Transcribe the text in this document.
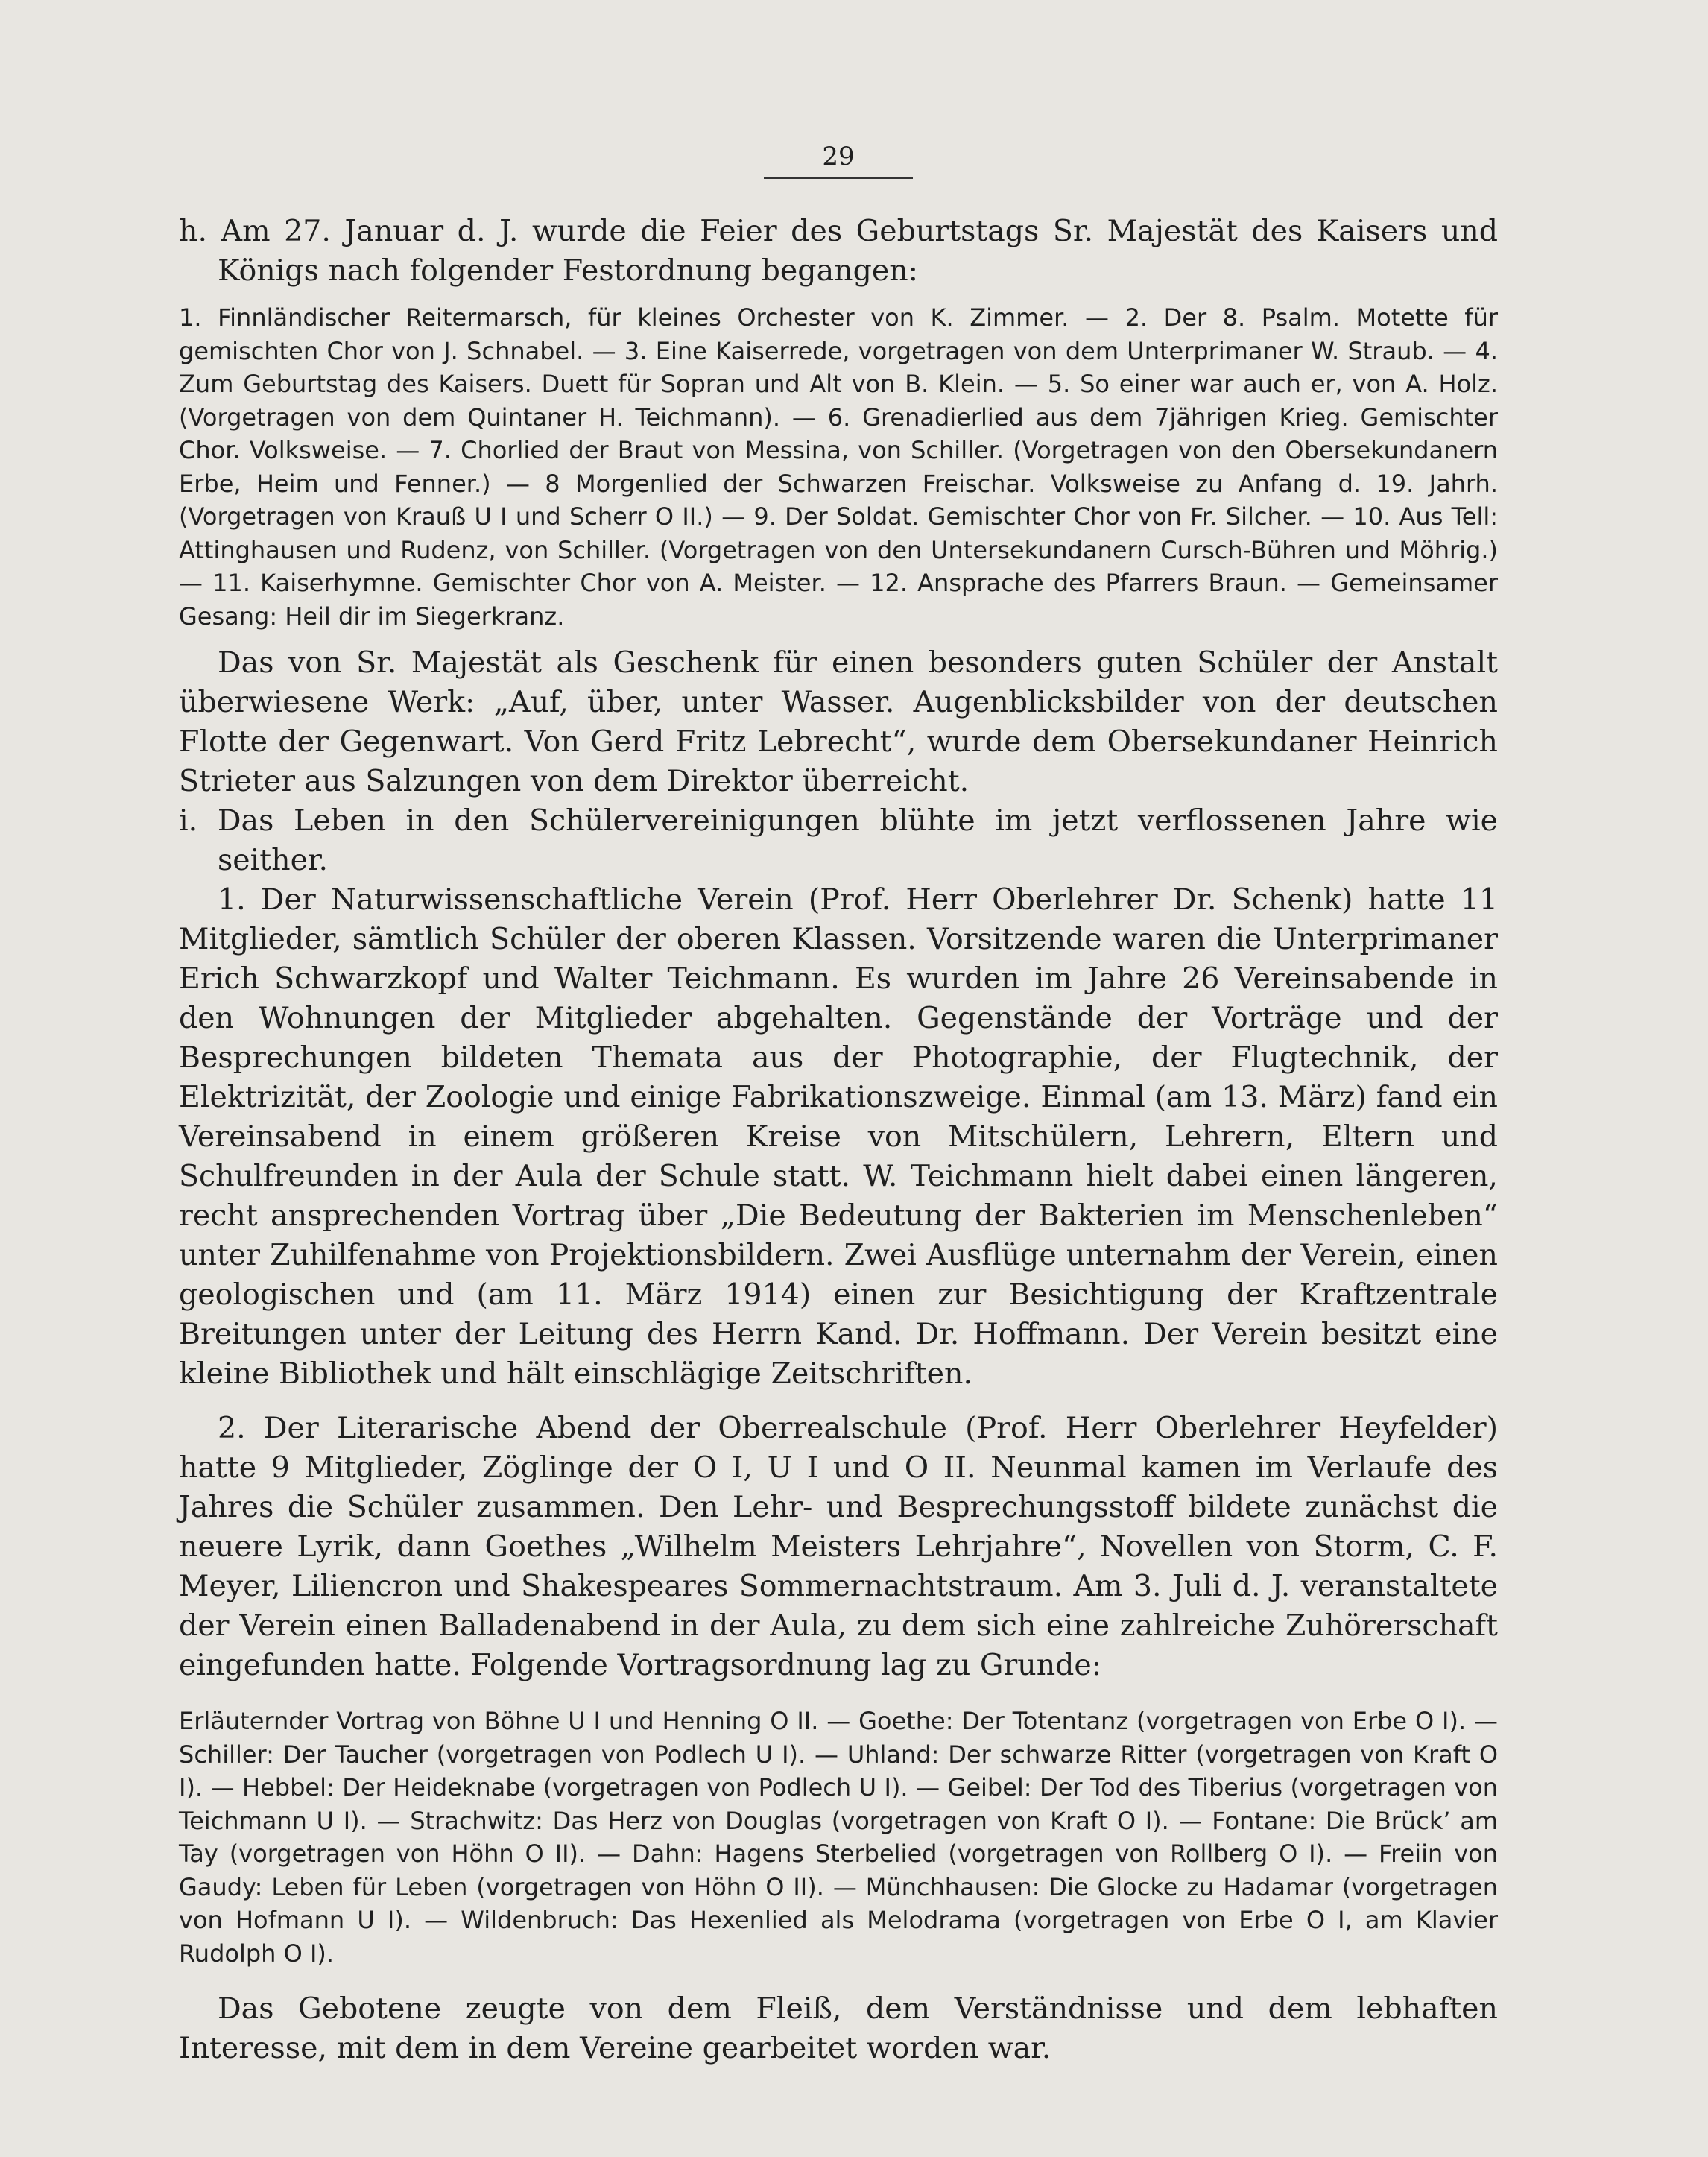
29

h. Am 27. Januar d. J. wurde die Feier des Geburtstags Sr. Majestät des Kaisers und Königs nach folgender Festordnung begangen:

1. Finnländischer Reitermarsch, für kleines Orchester von K. Zimmer. — 2. Der 8. Psalm. Motette für gemischten Chor von J. Schnabel. — 3. Eine Kaiserrede, vorgetragen von dem Unterprimaner W. Straub. — 4. Zum Geburtstag des Kaisers. Duett für Sopran und Alt von B. Klein. — 5. So einer war auch er, von A. Holz. (Vorgetragen von dem Quintaner H. Teichmann). — 6. Grenadierlied aus dem 7jährigen Krieg. Gemischter Chor. Volksweise. — 7. Chorlied der Braut von Messina, von Schiller. (Vorgetragen von den Obersekundanern Erbe, Heim und Fenner.) — 8 Morgenlied der Schwarzen Freischar. Volksweise zu Anfang d. 19. Jahrh. (Vorgetragen von Krauß U I und Scherr O II.) — 9. Der Soldat. Gemischter Chor von Fr. Silcher. — 10. Aus Tell: Attinghausen und Rudenz, von Schiller. (Vorgetragen von den Untersekundanern Cursch-Bühren und Möhrig.) — 11. Kaiserhymne. Gemischter Chor von A. Meister. — 12. Ansprache des Pfarrers Braun. — Gemeinsamer Gesang: Heil dir im Siegerkranz.

Das von Sr. Majestät als Geschenk für einen besonders guten Schüler der Anstalt überwiesene Werk: „Auf, über, unter Wasser. Augenblicksbilder von der deutschen Flotte der Gegenwart. Von Gerd Fritz Lebrecht“, wurde dem Obersekundaner Heinrich Strieter aus Salzungen von dem Direktor überreicht.

i. Das Leben in den Schülervereinigungen blühte im jetzt verflossenen Jahre wie seither.

1. Der Naturwissenschaftliche Verein (Prof. Herr Oberlehrer Dr. Schenk) hatte 11 Mitglieder, sämtlich Schüler der oberen Klassen. Vorsitzende waren die Unterprimaner Erich Schwarzkopf und Walter Teichmann. Es wurden im Jahre 26 Vereinsabende in den Wohnungen der Mitglieder abgehalten. Gegenstände der Vorträge und der Besprechungen bildeten Themata aus der Photographie, der Flugtechnik, der Elektrizität, der Zoologie und einige Fabrikationszweige. Einmal (am 13. März) fand ein Vereinsabend in einem größeren Kreise von Mitschülern, Lehrern, Eltern und Schulfreunden in der Aula der Schule statt. W. Teichmann hielt dabei einen längeren, recht ansprechenden Vortrag über „Die Bedeutung der Bakterien im Menschenleben“ unter Zuhilfenahme von Projektionsbildern. Zwei Ausflüge unternahm der Verein, einen geologischen und (am 11. März 1914) einen zur Besichtigung der Kraftzentrale Breitungen unter der Leitung des Herrn Kand. Dr. Hoffmann. Der Verein besitzt eine kleine Bibliothek und hält einschlägige Zeitschriften.

2. Der Literarische Abend der Oberrealschule (Prof. Herr Oberlehrer Heyfelder) hatte 9 Mitglieder, Zöglinge der O I, U I und O II. Neunmal kamen im Verlaufe des Jahres die Schüler zusammen. Den Lehr- und Besprechungsstoff bildete zunächst die neuere Lyrik, dann Goethes „Wilhelm Meisters Lehrjahre“, Novellen von Storm, C. F. Meyer, Liliencron und Shakespeares Sommernachtstraum. Am 3. Juli d. J. veranstaltete der Verein einen Balladenabend in der Aula, zu dem sich eine zahlreiche Zuhörerschaft eingefunden hatte. Folgende Vortragsordnung lag zu Grunde:

Erläuternder Vortrag von Böhne U I und Henning O II. — Goethe: Der Totentanz (vorgetragen von Erbe O I). — Schiller: Der Taucher (vorgetragen von Podlech U I). — Uhland: Der schwarze Ritter (vorgetragen von Kraft O I). — Hebbel: Der Heideknabe (vorgetragen von Podlech U I). — Geibel: Der Tod des Tiberius (vorgetragen von Teichmann U I). — Strachwitz: Das Herz von Douglas (vorgetragen von Kraft O I). — Fontane: Die Brück’ am Tay (vorgetragen von Höhn O II). — Dahn: Hagens Sterbelied (vorgetragen von Rollberg O I). — Freiin von Gaudy: Leben für Leben (vorgetragen von Höhn O II). — Münchhausen: Die Glocke zu Hadamar (vorgetragen von Hofmann U I). — Wildenbruch: Das Hexenlied als Melodrama (vorgetragen von Erbe O I, am Klavier Rudolph O I).

Das Gebotene zeugte von dem Fleiß, dem Verständnisse und dem lebhaften Interesse, mit dem in dem Vereine gearbeitet worden war.
